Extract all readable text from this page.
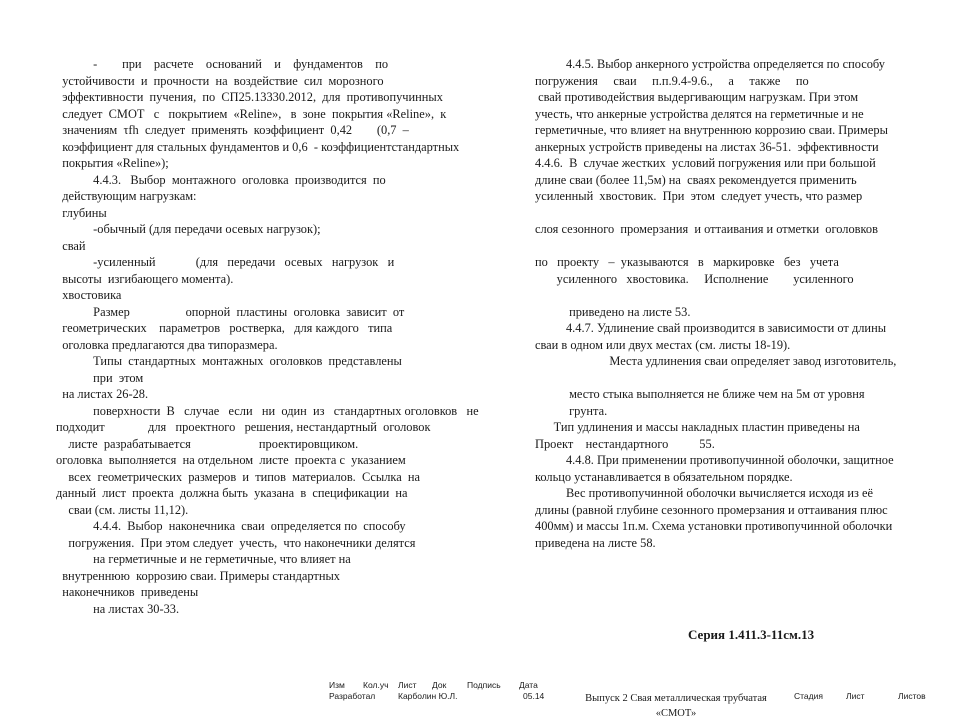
-        при    расчете    оснований    и    фундаментов    по
устойчивости  и  прочности  на  воздействие  сил  морозного
эффективности  пучения,  по  СП25.13330.2012,  для  противопучинных
следует  СМОТ   с   покрытием  «Reline»,   в  зоне  покрытия «Reline»,  к
значениям  τfh  следует  применять  коэффициент  0,42        (0,7  –
коэффициент для стальных фундаментов и 0,6  - коэффициентстандартных
покрытия «Reline»);
4.4.3.   Выбор  монтажного  оголовка  производится  по
действующим нагрузкам:
глубины
-обычный (для передачи осевых нагрузок);
свай
-усиленный             (для   передачи   осевых   нагрузок   и
высоты  изгибающего момента).
хвостовика
Размер                  опорной  пластины  оголовка  зависит  от
геометрических    параметров   ростверка,   для каждого   типа
оголовка предлагаются два типоразмера.
Типы  стандартных  монтажных  оголовков  представлены
при  этом
на листах 26-28.
поверхности  В   случае   если   ни  один  из   стандартных оголовков   не
подходит              для   проектного   решения, нестандартный  оголовок
листе  разрабатывается                      проектировщиком.
оголовка  выполняется  на отдельном  листе  проекта с  указанием
всех  геометрических  размеров  и  типов  материалов.  Ссылка  на
данный  лист  проекта  должна быть  указана  в  спецификации  на
сваи (см. листы 11,12).
4.4.4.  Выбор  наконечника  сваи  определяется по  способу
погружения.  При этом следует  учесть,  что наконечники делятся
на герметичные и не герметичные, что влияет на
внутреннюю  коррозию сваи. Примеры стандартных
наконечников  приведены
на листах 30-33.
4.4.5. Выбор анкерного устройства определяется по способу
погружения     сваи     п.п.9.4-9.6.,     а     также     по
свай противодействия выдергивающим нагрузкам. При этом
учесть, что анкерные устройства делятся на герметичные и не
герметичные, что влияет на внутреннюю коррозию сваи. Примеры
анкерных устройств приведены на листах 36-51.  эффективности
4.4.6.  В  случае жестких  условий погружения или при большой
длине сваи (более 11,5м) на  сваях рекомендуется применить
усиленный  хвостовик.  При  этом  следует учесть, что размер
слоя сезонного  промерзания  и оттаивания и отметки  оголовков
по   проекту   –  указываются   в   маркировке   без   учета
усиленного   хвостовика.     Исполнение        усиленного
приведено на листе 53.
4.4.7. Удлинение свай производится в зависимости от длины
сваи в одном или двух местах (см. листы 18-19).
Места удлинения сваи определяет завод изготовитель,
место стыка выполняется не ближе чем на 5м от уровня
грунта.
Тип удлинения и массы накладных пластин приведены на
Проект    нестандартного          55.
4.4.8. При применении противопучинной оболочки, защитное
кольцо устанавливается в обязательном порядке.
Вес противопучинной оболочки вычисляется исходя из её
длины (равной глубине сезонного промерзания и оттаивания плюс
400мм) и массы 1п.м. Схема установки противопучинной оболочки
приведена на листе 58.
Серия 1.411.3-11см.13
Изм Кол.уч Лист Док Подпись Дата
Разработал	Карболин Ю.Л.	05.14	Выпуск 2 Свая металлическая трубчатая
«СМОТ»
Стадия	Лист	Листов
